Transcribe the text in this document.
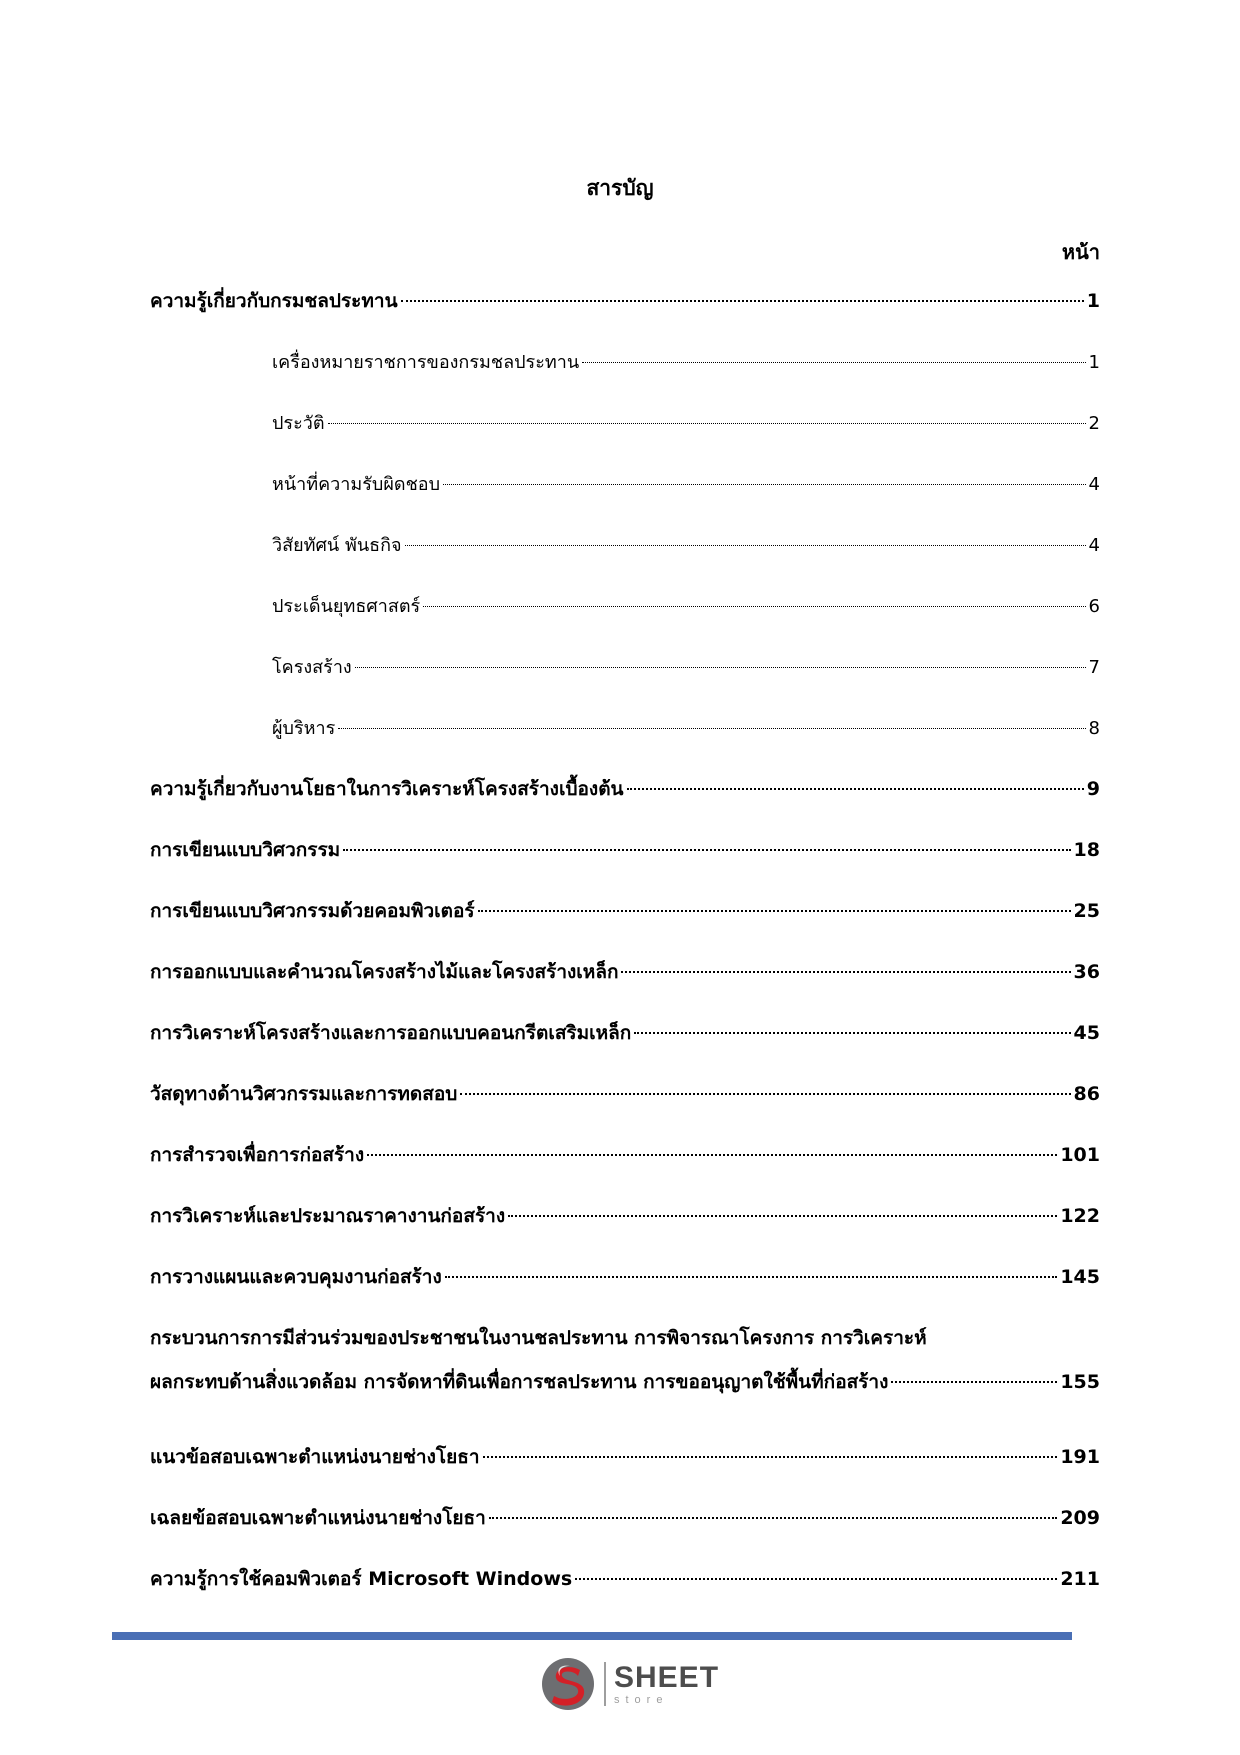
สารบัญ
หน้า
ความรู้เกี่ยวกับกรมชลประทาน	1
เครื่องหมายราชการของกรมชลประทาน	1
ประวัติ	2
หน้าที่ความรับผิดชอบ	4
วิสัยทัศน์ พันธกิจ	4
ประเด็นยุทธศาสตร์	6
โครงสร้าง	7
ผู้บริหาร	8
ความรู้เกี่ยวกับงานโยธาในการวิเคราะห์โครงสร้างเบื้องต้น	9
การเขียนแบบวิศวกรรม	18
การเขียนแบบวิศวกรรมด้วยคอมพิวเตอร์	25
การออกแบบและคำนวณโครงสร้างไม้และโครงสร้างเหล็ก	36
การวิเคราะห์โครงสร้างและการออกแบบคอนกรีตเสริมเหล็ก	45
วัสดุทางด้านวิศวกรรมและการทดสอบ	86
การสำรวจเพื่อการก่อสร้าง	101
การวิเคราะห์และประมาณราคางานก่อสร้าง	122
การวางแผนและควบคุมงานก่อสร้าง	145
กระบวนการการมีส่วนร่วมของประชาชนในงานชลประทาน การพิจารณาโครงการ การวิเคราะห์
ผลกระทบด้านสิ่งแวดล้อม การจัดหาที่ดินเพื่อการชลประทาน การขออนุญาตใช้พื้นที่ก่อสร้าง	155
แนวข้อสอบเฉพาะตำแหน่งนายช่างโยธา	191
เฉลยข้อสอบเฉพาะตำแหน่งนายช่างโยธา	209
ความรู้การใช้คอมพิวเตอร์ Microsoft Windows	211
SHEET
store
